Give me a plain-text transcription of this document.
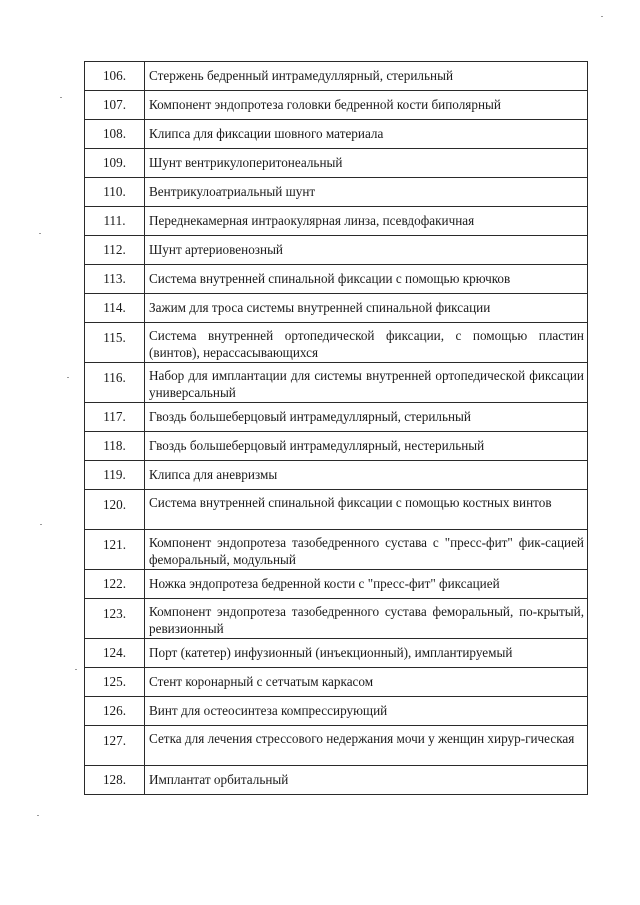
106.	Стержень бедренный интрамедуллярный, стерильный
107.	Компонент эндопротеза головки бедренной кости биполярный
108.	Клипса для фиксации шовного материала
109.	Шунт вентрикулоперитонеальный
110.	Вентрикулоатриальный шунт
111.	Переднекамерная интраокулярная линза, псевдофакичная
112.	Шунт артериовенозный
113.	Система внутренней спинальной фиксации с помощью крючков
114.	Зажим для троса системы внутренней спинальной фиксации
115.	Система внутренней ортопедической фиксации, с помощью пластин (винтов), нерассасывающихся
116.	Набор для имплантации для системы внутренней ортопедической фиксации универсальный
117.	Гвоздь большеберцовый интрамедуллярный, стерильный
118.	Гвоздь большеберцовый интрамедуллярный, нестерильный
119.	Клипса для аневризмы
120.	Система внутренней спинальной фиксации с помощью костных винтов
121.	Компонент эндопротеза тазобедренного сустава с "пресс-фит" фик-сацией феморальный, модульный
122.	Ножка эндопротеза бедренной кости с "пресс-фит" фиксацией
123.	Компонент эндопротеза тазобедренного сустава феморальный, по-крытый, ревизионный
124.	Порт (катетер) инфузионный (инъекционный), имплантируемый
125.	Стент коронарный с сетчатым каркасом
126.	Винт для остеосинтеза компрессирующий
127.	Сетка для лечения стрессового недержания мочи у женщин хирур-гическая
128.	Имплантат орбитальный
